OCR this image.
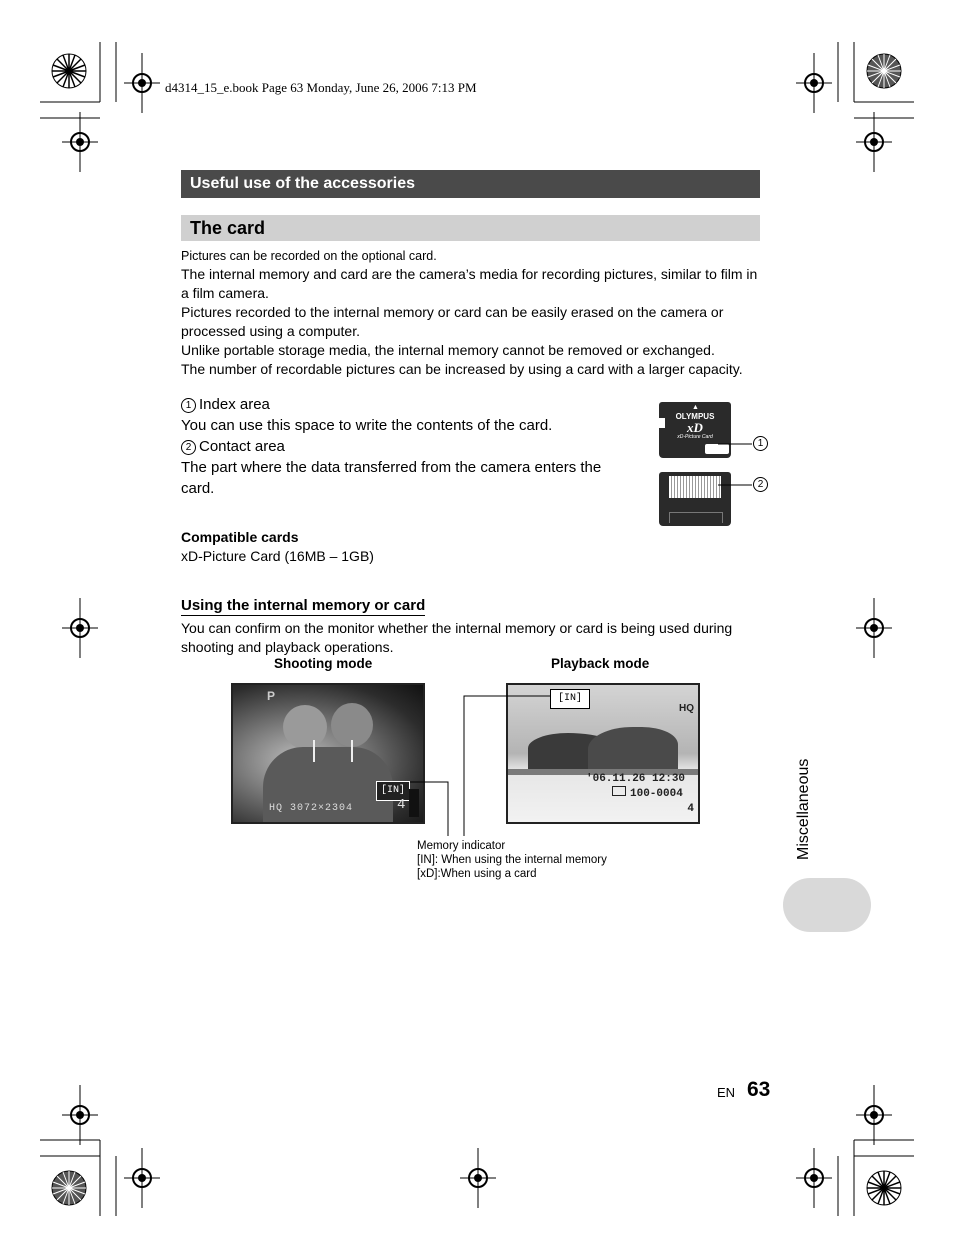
d4314_15_e.book Page 63 Monday, June 26, 2006 7:13 PM
Useful use of the accessories
The card
Pictures can be recorded on the optional card.
The internal memory and card are the camera’s media for recording pictures, similar to film in
a film camera.
Pictures recorded to the internal memory or card can be easily erased on the camera or
processed using a computer.
Unlike portable storage media, the internal memory cannot be removed or exchanged.
The number of recordable pictures can be increased by using a card with a larger capacity.
1 Index area
You can use this space to write the contents of the card.
2 Contact area
The part where the data transferred from the camera enters the
card.
▲
OLYMPUS
xD
xD-Picture Card
1
2
Compatible cards
xD-Picture Card (16MB – 1GB)
Using the internal memory or card
You can confirm on the monitor whether the internal memory or card is being used during
shooting and playback operations.
Shooting mode	Playback mode
P
[IN]
HQ 3072×2304	4
[IN]
HQ
'06.11.26 12:30
100-0004
4
Memory indicator
[IN]: When using the internal memory
[xD]:When using a card
Miscellaneous
EN 63
